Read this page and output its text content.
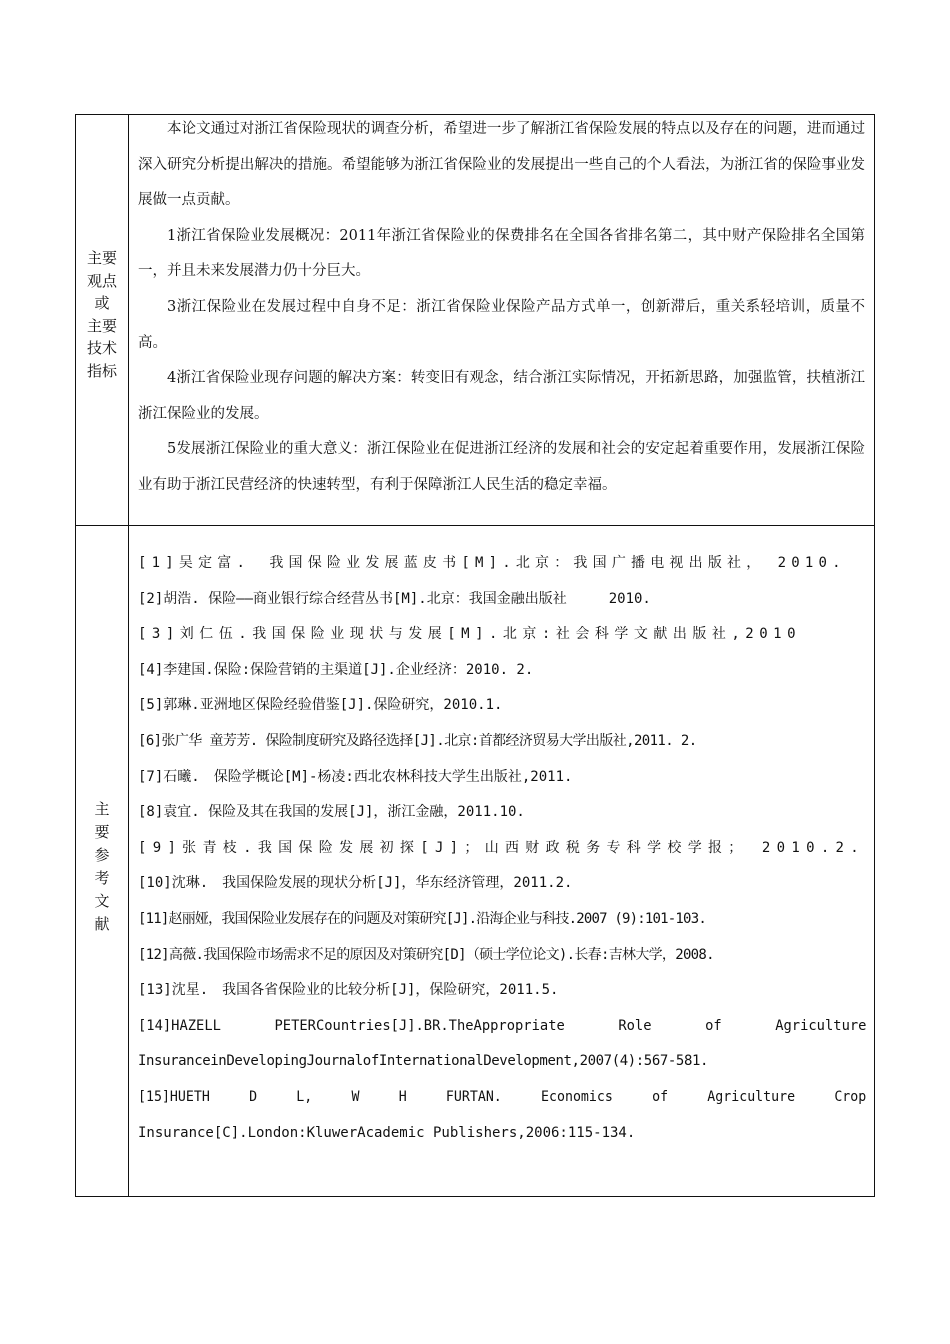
主要
观点
或
主要
技术
指标

本论文通过对浙江省保险现状的调查分析，希望进一步了解浙江省保险发展的特点以及存在的问题，进而通过深入研究分析提出解决的措施。希望能够为浙江省保险业的发展提出一些自己的个人看法，为浙江省的保险事业发展做一点贡献。

1浙江省保险业发展概况：2011年浙江省保险业的保费排名在全国各省排名第二，其中财产保险排名全国第一，并且未来发展潜力仍十分巨大。

3浙江保险业在发展过程中自身不足：浙江省保险业保险产品方式单一，创新滞后，重关系轻培训，质量不高。

4浙江省保险业现存问题的解决方案：转变旧有观念，结合浙江实际情况，开拓新思路，加强监管，扶植浙江浙江保险业的发展。

5发展浙江保险业的重大意义：浙江保险业在促进浙江经济的发展和社会的安定起着重要作用，发展浙江保险业有助于浙江民营经济的快速转型，有利于保障浙江人民生活的稳定幸福。

主要参考文献
[1]吴定富.　我国保险业发展蓝皮书[M].北京：我国广播电视出版社，　2010.
[2]胡浩. 保险——商业银行综合经营丛书[M].北京：我国金融出版社　　　2010.
[3]刘仁伍.我国保险业现状与发展[M].北京:社会科学文献出版社,2010
[4]李建国.保险:保险营销的主渠道[J].企业经济：2010. 2.
[5]郭琳.亚洲地区保险经验借鉴[J].保险研究，2010.1.
[6]张广华 童芳芳. 保险制度研究及路径选择[J].北京:首都经济贸易大学出版社,2011. 2.
[7]石曦.　保险学概论[M]-杨凌:西北农林科技大学生出版社,2011.
[8]袁宜. 保险及其在我国的发展[J]，浙江金融，2011.10.
[9]张青枝.我国保险发展初探[J]；山西财政税务专科学校学报；　2010.2.
[10]沈琳.　我国保险发展的现状分析[J]，华东经济管理，2011.2.
[11]赵丽娅，我国保险业发展存在的问题及对策研究[J].沿海企业与科技.2007 (9):101-103.
[12]高薇.我国保险市场需求不足的原因及对策研究[D]（硕士学位论文).长春:吉林大学，2008.
[13]沈星.　我国各省保险业的比较分析[J]，保险研究，2011.5.
[14]HAZELL PETERCountries[J].BR.TheAppropriate Role of Agriculture
InsuranceinDevelopingJournalofInternationalDevelopment,2007(4):567-581.
[15]HUETH D L, W H FURTAN. Economics of Agriculture Crop
Insurance[C].London:KluwerAcademic Publishers,2006:115-134.
